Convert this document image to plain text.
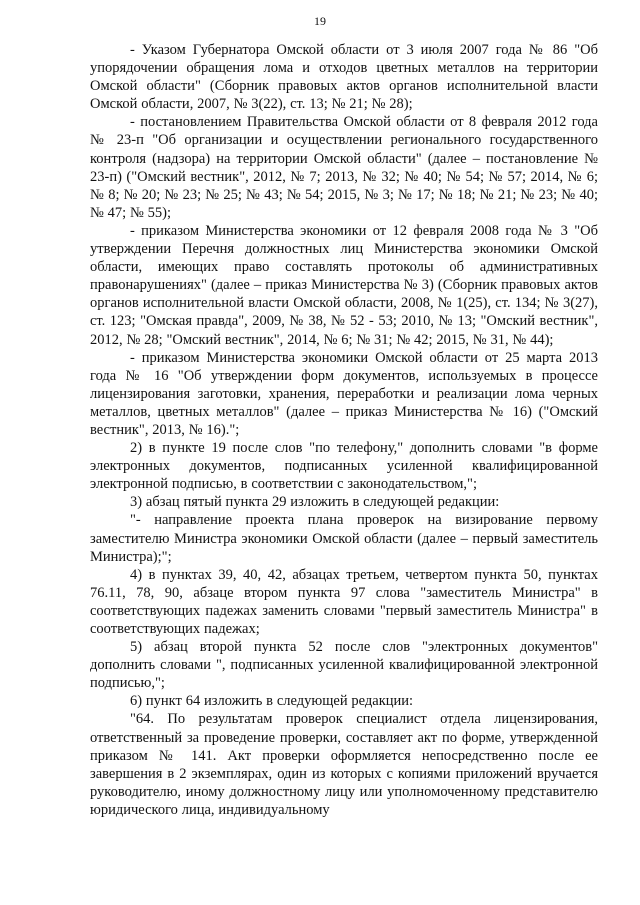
19

- Указом Губернатора Омской области от 3 июля 2007 года № 86 "Об упорядочении обращения лома и отходов цветных металлов на территории Омской области" (Сборник правовых актов органов исполнительной власти Омской области, 2007, № 3(22), ст. 13; № 21; № 28);

- постановлением Правительства Омской области от 8 февраля 2012 года № 23-п "Об организации и осуществлении регионального государственного контроля (надзора) на территории Омской области" (далее – постановление № 23-п) ("Омский вестник", 2012, № 7; 2013, № 32; № 40; № 54; № 57; 2014, № 6; № 8; № 20; № 23; № 25; № 43; № 54; 2015, № 3; № 17; № 18; № 21; № 23; № 40; № 47; № 55);

- приказом Министерства экономики от 12 февраля 2008 года № 3 "Об утверждении Перечня должностных лиц Министерства экономики Омской области, имеющих право составлять протоколы об административных правонарушениях" (далее – приказ Министерства № 3) (Сборник правовых актов органов исполнительной власти Омской области, 2008, № 1(25), ст. 134; № 3(27), ст. 123; "Омская правда", 2009, № 38, № 52 - 53; 2010, № 13; "Омский вестник", 2012, № 28; "Омский вестник", 2014, № 6; № 31; № 42; 2015, № 31, № 44);

- приказом Министерства экономики Омской области от 25 марта 2013 года № 16 "Об утверждении форм документов, используемых в процессе лицензирования заготовки, хранения, переработки и реализации лома черных металлов, цветных металлов" (далее – приказ Министерства № 16) ("Омский вестник", 2013, № 16).";

2) в пункте 19 после слов "по телефону," дополнить словами "в форме электронных документов, подписанных усиленной квалифицированной электронной подписью, в соответствии с законодательством,";

3) абзац пятый пункта 29 изложить в следующей редакции:

"- направление проекта плана проверок на визирование первому заместителю Министра экономики Омской области (далее – первый заместитель Министра);";

4) в пунктах 39, 40, 42, абзацах третьем, четвертом пункта 50, пунктах 76.11, 78, 90, абзаце втором пункта 97 слова "заместитель Министра" в соответствующих падежах заменить словами "первый заместитель Министра" в соответствующих падежах;

5) абзац второй пункта 52 после слов "электронных документов" дополнить словами ", подписанных усиленной квалифицированной электронной подписью,";

6) пункт 64 изложить в следующей редакции:

"64. По результатам проверок специалист отдела лицензирования, ответственный за проведение проверки, составляет акт по форме, утвержденной приказом № 141. Акт проверки оформляется непосредственно после ее завершения в 2 экземплярах, один из которых с копиями приложений вручается руководителю, иному должностному лицу или уполномоченному представителю юридического лица, индивидуальному
